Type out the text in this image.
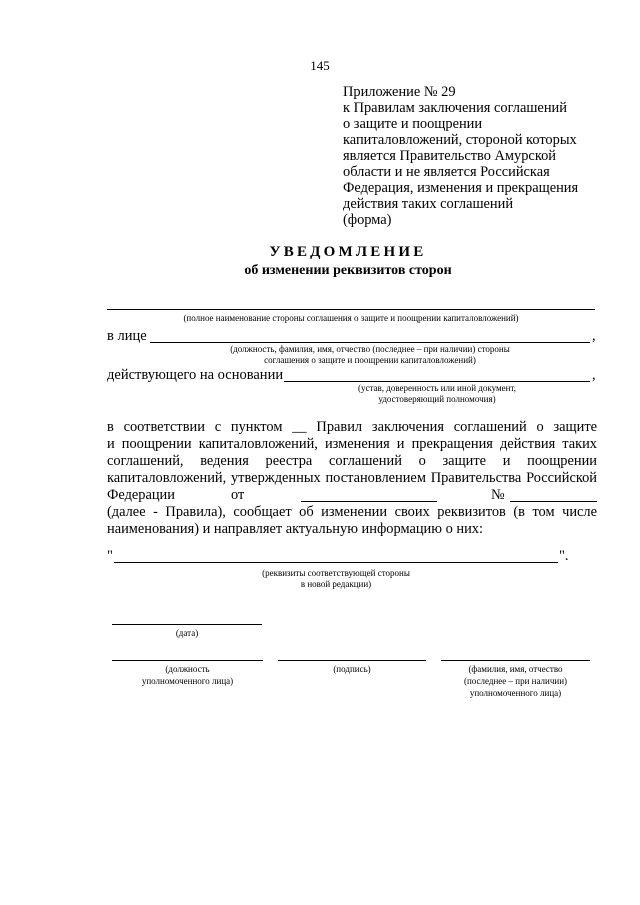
145
Приложение № 29
к Правилам заключения соглашений
о защите и поощрении
капиталовложений, стороной которых
является Правительство Амурской
области и не является Российская
Федерация, изменения и прекращения
действия таких соглашений
(форма)
УВЕДОМЛЕНИЕ
об изменении реквизитов сторон
(полное наименование стороны соглашения о защите и поощрении капиталовложений)
в лице	,
(должность, фамилия, имя, отчество (последнее – при наличии) стороны
соглашения о защите и поощрении капиталовложений)
действующего на основании	,
(устав, доверенность или иной документ,
удостоверяющий полномочия)
в соответствии с пунктом __ Правил заключения соглашений о защите
и поощрении капиталовложений, изменения и прекращения действия таких
соглашений, ведения реестра соглашений о защите и поощрении
капиталовложений, утвержденных постановлением Правительства Российской
Федерации	от	№
(далее - Правила), сообщает об изменении своих реквизитов (в том числе
наименования) и направляет актуальную информацию о них:
"	".
(реквизиты соответствующей стороны
в новой редакции)
(дата)
(должность
уполномоченного лица)
(подпись)	(фамилия, имя, отчество
(последнее – при наличии)
уполномоченного лица)
